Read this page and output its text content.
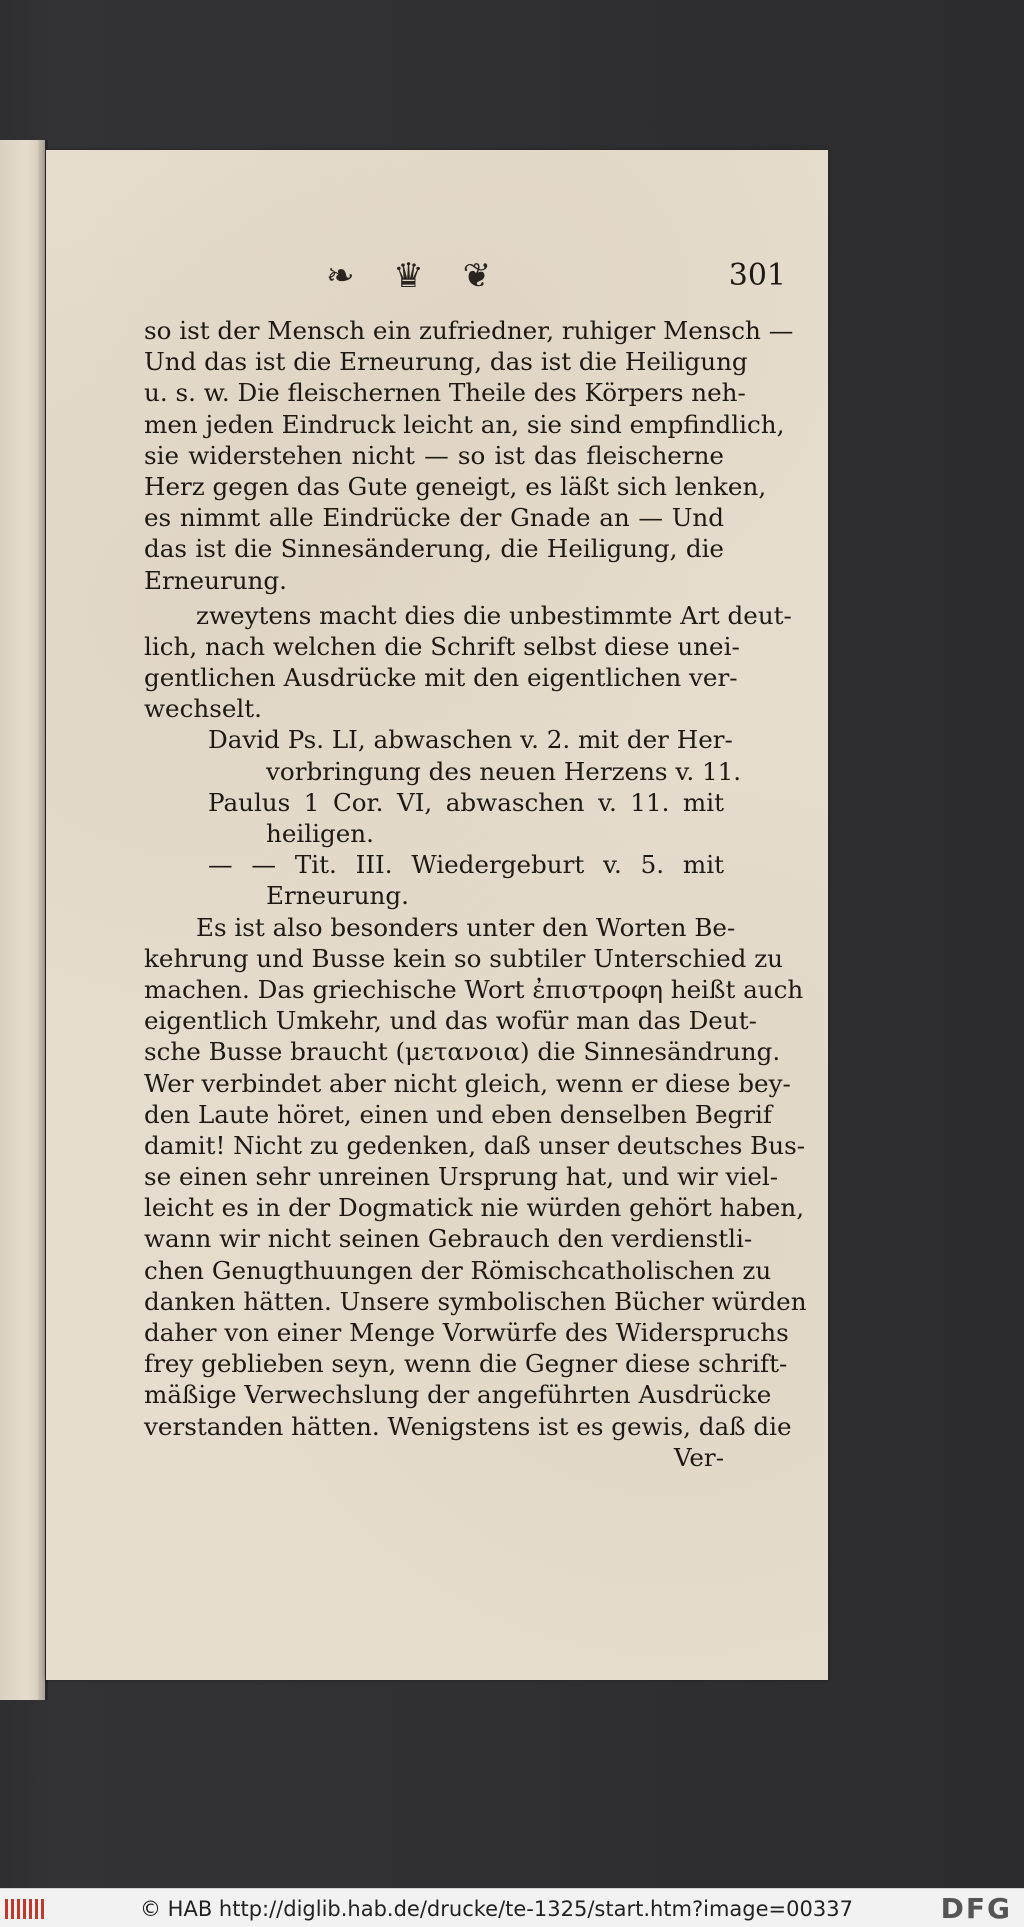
❧ ♛ ❦	301
so ist der Mensch ein zufriedner, ruhiger Mensch —
Und das ist die Erneurung, das ist die Heiligung
u. s. w. Die fleischernen Theile des Körpers neh-
men jeden Eindruck leicht an, sie sind empfindlich,
sie widerstehen nicht — so ist das fleischerne
Herz gegen das Gute geneigt, es läßt sich lenken,
es nimmt alle Eindrücke der Gnade an — Und
das ist die Sinnesänderung, die Heiligung, die
Erneurung.
zweytens macht dies die unbestimmte Art deut-
lich, nach welchen die Schrift selbst diese unei-
gentlichen Ausdrücke mit den eigentlichen ver-
wechselt.
David Ps. LI, abwaschen v. 2. mit der Her-
vorbringung des neuen Herzens v. 11.
Paulus 1 Cor. VI, abwaschen v. 11. mit
heiligen.
— — Tit. III. Wiedergeburt v. 5. mit
Erneurung.
Es ist also besonders unter den Worten Be-
kehrung und Busse kein so subtiler Unterschied zu
machen. Das griechische Wort ἐπιστροφη heißt auch
eigentlich Umkehr, und das wofür man das Deut-
sche Busse braucht (μετανοια) die Sinnesändrung.
Wer verbindet aber nicht gleich, wenn er diese bey-
den Laute höret, einen und eben denselben Begrif
damit! Nicht zu gedenken, daß unser deutsches Bus-
se einen sehr unreinen Ursprung hat, und wir viel-
leicht es in der Dogmatick nie würden gehört haben,
wann wir nicht seinen Gebrauch den verdienstli-
chen Genugthuungen der Römischcatholischen zu
danken hätten. Unsere symbolischen Bücher würden
daher von einer Menge Vorwürfe des Widerspruchs
frey geblieben seyn, wenn die Gegner diese schrift-
mäßige Verwechslung der angeführten Ausdrücke
verstanden hätten. Wenigstens ist es gewis, daß die
Ver-
© HAB http://diglib.hab.de/drucke/te-1325/start.htm?image=00337	DFG
